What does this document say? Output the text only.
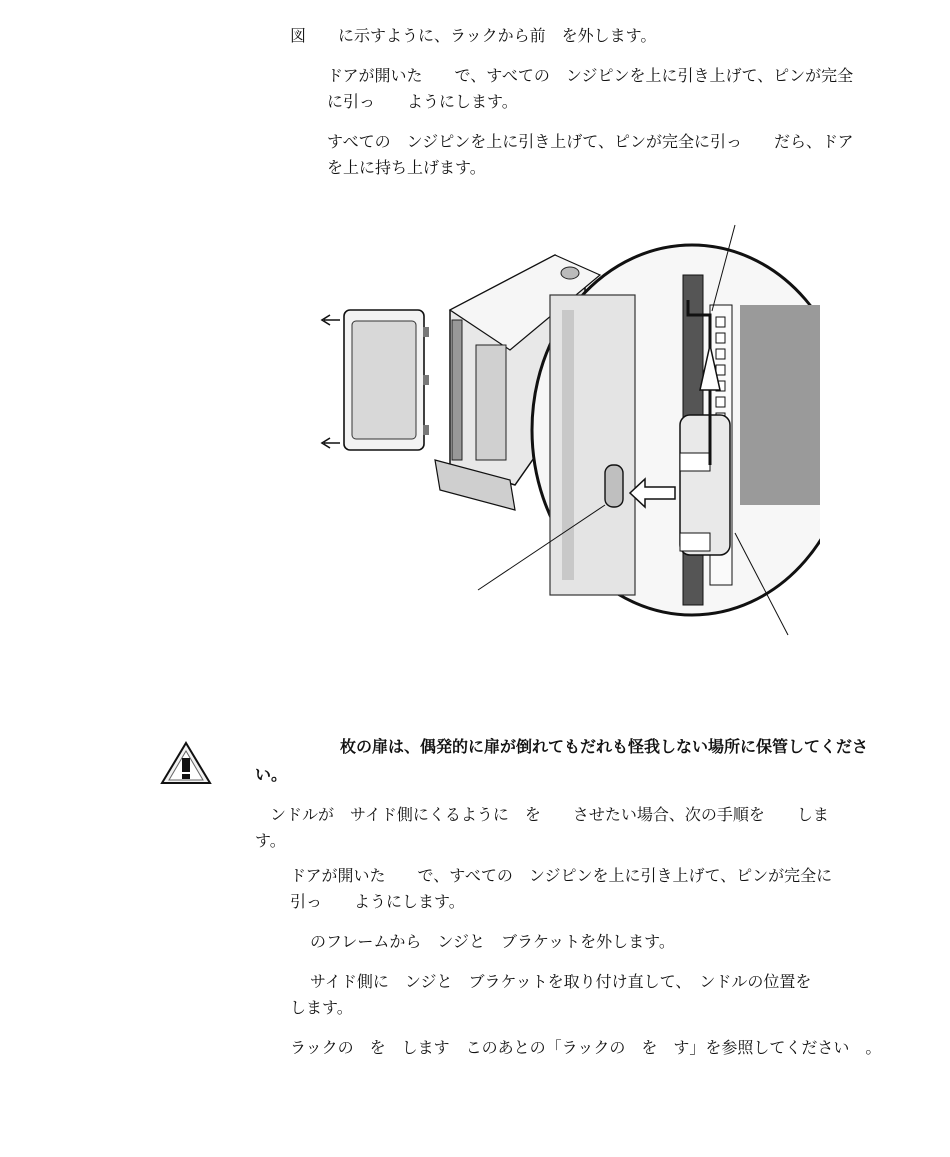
図　　に示すように、ラックから前　を外します。

ドアが開いた　　で、すべての　ンジピンを上に引き上げて、ピンが完全

に引っ　　ようにします。

すべての　ンジピンを上に引き上げて、ピンが完全に引っ　　だら、ドア

を上に持ち上げます。

枚の扉は、偶発的に扉が倒れてもだれも怪我しない場所に保管してくださ

い。

ンドルが　サイド側にくるように　を　　させたい場合、次の手順を　　しま

す。

ドアが開いた　　で、すべての　ンジピンを上に引き上げて、ピンが完全に

引っ　　ようにします。

のフレームから　ンジと　ブラケットを外します。

サイド側に　ンジと　ブラケットを取り付け直して、　ンドルの位置を

します。

ラックの　を　します　このあとの「ラックの　を　す」を参照してください　。
